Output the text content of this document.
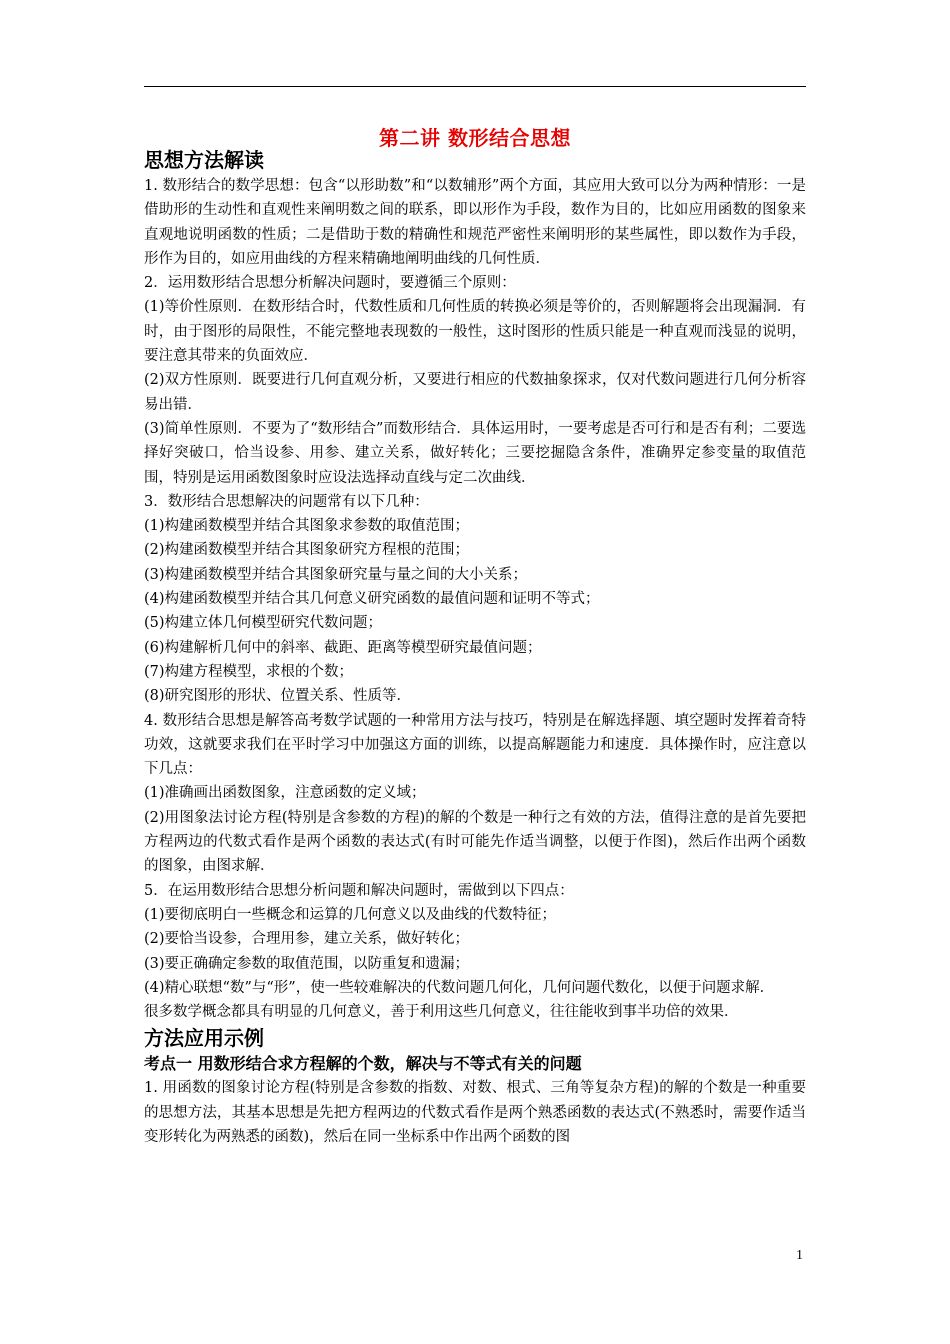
第二讲 数形结合思想
思想方法解读

1. 数形结合的数学思想：包含“以形助数”和“以数辅形”两个方面，其应用大致可以分为两种情形：一是借助形的生动性和直观性来阐明数之间的联系，即以形作为手段，数作为目的，比如应用函数的图象来直观地说明函数的性质；二是借助于数的精确性和规范严密性来阐明形的某些属性，即以数作为手段，形作为目的，如应用曲线的方程来精确地阐明曲线的几何性质．

2．运用数形结合思想分析解决问题时，要遵循三个原则：

(1)等价性原则．在数形结合时，代数性质和几何性质的转换必须是等价的，否则解题将会出现漏洞．有时，由于图形的局限性，不能完整地表现数的一般性，这时图形的性质只能是一种直观而浅显的说明，要注意其带来的负面效应．

(2)双方性原则．既要进行几何直观分析，又要进行相应的代数抽象探求，仅对代数问题进行几何分析容易出错．

(3)简单性原则．不要为了“数形结合”而数形结合．具体运用时，一要考虑是否可行和是否有利；二要选择好突破口，恰当设参、用参、建立关系，做好转化；三要挖掘隐含条件，准确界定参变量的取值范围，特别是运用函数图象时应设法选择动直线与定二次曲线．

3．数形结合思想解决的问题常有以下几种：

(1)构建函数模型并结合其图象求参数的取值范围；

(2)构建函数模型并结合其图象研究方程根的范围；

(3)构建函数模型并结合其图象研究量与量之间的大小关系；

(4)构建函数模型并结合其几何意义研究函数的最值问题和证明不等式；

(5)构建立体几何模型研究代数问题；

(6)构建解析几何中的斜率、截距、距离等模型研究最值问题；

(7)构建方程模型，求根的个数；

(8)研究图形的形状、位置关系、性质等．

4. 数形结合思想是解答高考数学试题的一种常用方法与技巧，特别是在解选择题、填空题时发挥着奇特功效，这就要求我们在平时学习中加强这方面的训练，以提高解题能力和速度．具体操作时，应注意以下几点：

(1)准确画出函数图象，注意函数的定义域；

(2)用图象法讨论方程(特别是含参数的方程)的解的个数是一种行之有效的方法，值得注意的是首先要把方程两边的代数式看作是两个函数的表达式(有时可能先作适当调整，以便于作图)，然后作出两个函数的图象，由图求解．

5．在运用数形结合思想分析问题和解决问题时，需做到以下四点：

(1)要彻底明白一些概念和运算的几何意义以及曲线的代数特征；

(2)要恰当设参，合理用参，建立关系，做好转化；

(3)要正确确定参数的取值范围，以防重复和遗漏；

(4)精心联想“数”与“形”，使一些较难解决的代数问题几何化，几何问题代数化，以便于问题求解．

很多数学概念都具有明显的几何意义，善于利用这些几何意义，往往能收到事半功倍的效果．

方法应用示例
考点一 用数形结合求方程解的个数，解决与不等式有关的问题

1. 用函数的图象讨论方程(特别是含参数的指数、对数、根式、三角等复杂方程)的解的个数是一种重要的思想方法，其基本思想是先把方程两边的代数式看作是两个熟悉函数的表达式(不熟悉时，需要作适当变形转化为两熟悉的函数)，然后在同一坐标系中作出两个函数的图

1
